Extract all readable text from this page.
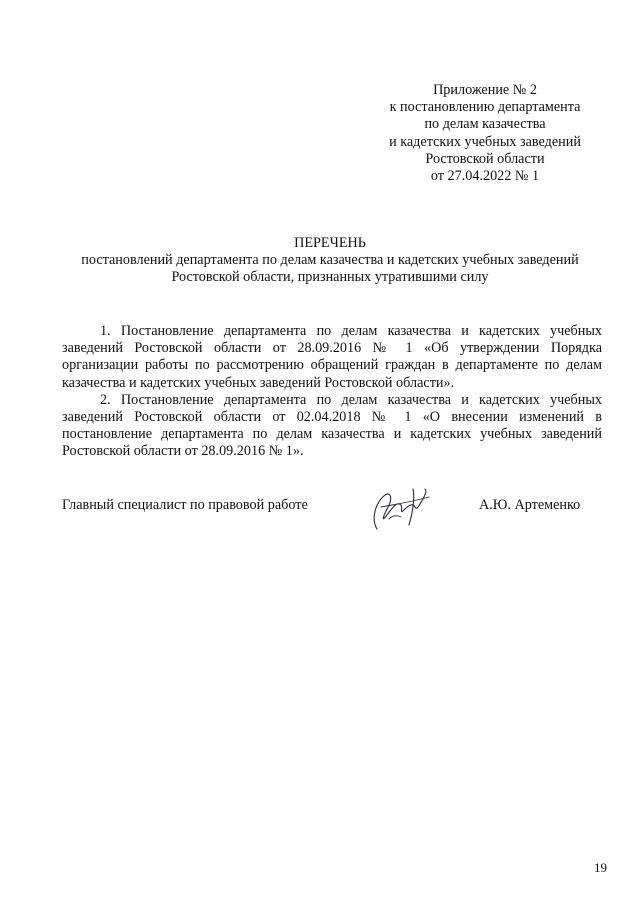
Приложение № 2
к постановлению департамента
по делам казачества
и кадетских учебных заведений
Ростовской области
от 27.04.2022 № 1
ПЕРЕЧЕНЬ
постановлений департамента по делам казачества и кадетских учебных заведений
Ростовской области, признанных утратившими силу

1. Постановление департамента по делам казачества и кадетских учебных заведений Ростовской области от 28.09.2016 № 1 «Об утверждении Порядка организации работы по рассмотрению обращений граждан в департаменте по делам казачества и кадетских учебных заведений Ростовской области».

2. Постановление департамента по делам казачества и кадетских учебных заведений Ростовской области от 02.04.2018 № 1 «О внесении изменений в постановление департамента по делам казачества и кадетских учебных заведений Ростовской области от 28.09.2016 № 1».

Главный специалист по правовой работе	А.Ю. Артеменко
19
